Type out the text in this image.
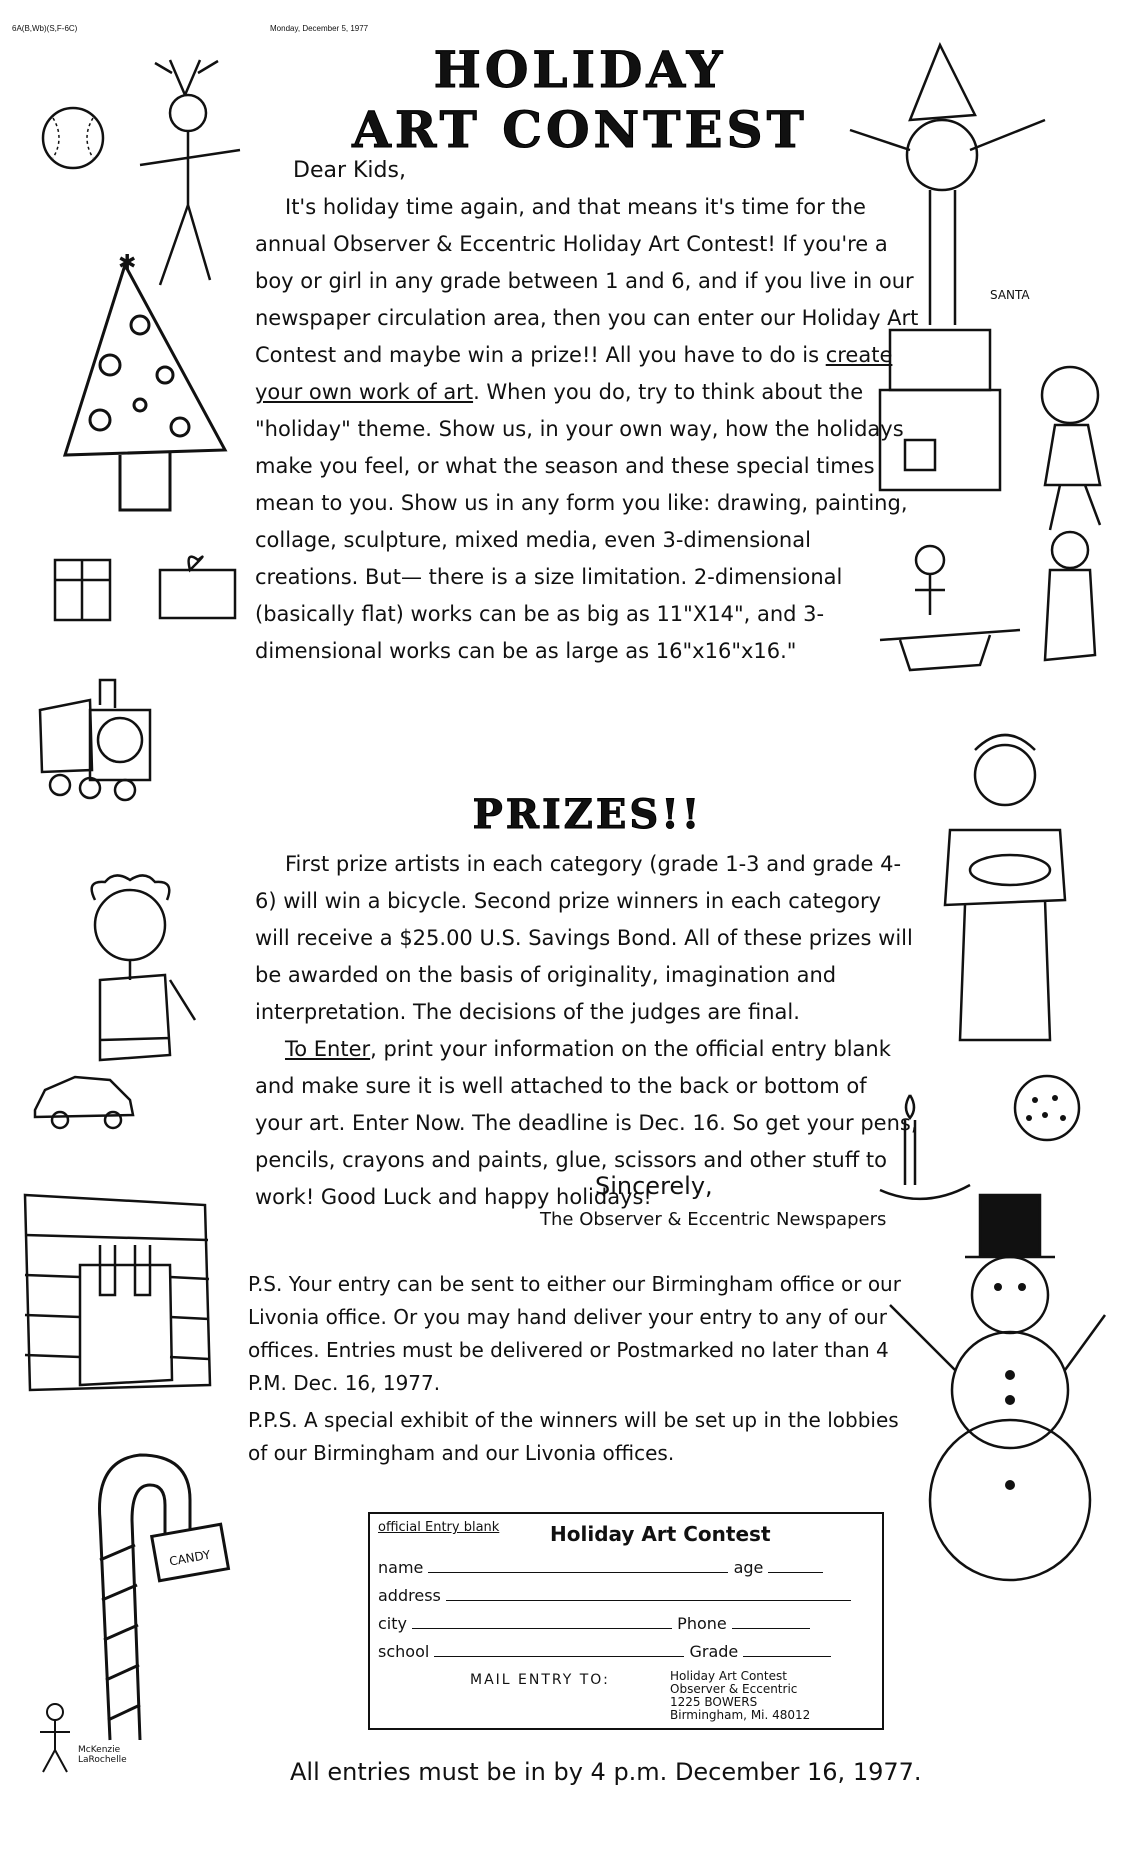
6A(B,Wb)(S,F-6C)	Monday, December 5, 1977
HOLIDAY
ART CONTEST

Dear Kids,

It's holiday time again, and that means it's time for the annual Observer & Eccentric Holiday Art Contest! If you're a boy or girl in any grade between 1 and 6, and if you live in our newspaper circulation area, then you can enter our Holiday Art Contest and maybe win a prize!! All you have to do is create your own work of art. When you do, try to think about the "holiday" theme. Show us, in your own way, how the holidays make you feel, or what the season and these special times mean to you. Show us in any form you like: drawing, painting, collage, sculpture, mixed media, even 3-dimensional creations. But— there is a size limitation. 2-dimensional (basically flat) works can be as big as 11"X14", and 3-dimensional works can be as large as 16"x16"x16."

PRIZES!!

First prize artists in each category (grade 1-3 and grade 4-6) will win a bicycle. Second prize winners in each category will receive a $25.00 U.S. Savings Bond. All of these prizes will be awarded on the basis of originality, imagination and interpretation. The decisions of the judges are final.

To Enter, print your information on the official entry blank and make sure it is well attached to the back or bottom of your art. Enter Now. The deadline is Dec. 16. So get your pens, pencils, crayons and paints, glue, scissors and other stuff to work! Good Luck and happy holidays!

Sincerely,
The Observer & Eccentric Newspapers

P.S. Your entry can be sent to either our Birmingham office or our Livonia office. Or you may hand deliver your entry to any of our offices. Entries must be delivered or Postmarked no later than 4 P.M. Dec. 16, 1977.

P.P.S. A special exhibit of the winners will be set up in the lobbies of our Birmingham and our Livonia offices.

official Entry blank	Holiday Art Contest
name	age
address
city	Phone
school	Grade
MAIL ENTRY TO:	Holiday Art Contest
Observer & Eccentric
1225 BOWERS
Birmingham, Mi. 48012
All entries must be in by 4 p.m. December 16, 1977.
✱
CANDY
McKenzie LaRochelle
SANTA
